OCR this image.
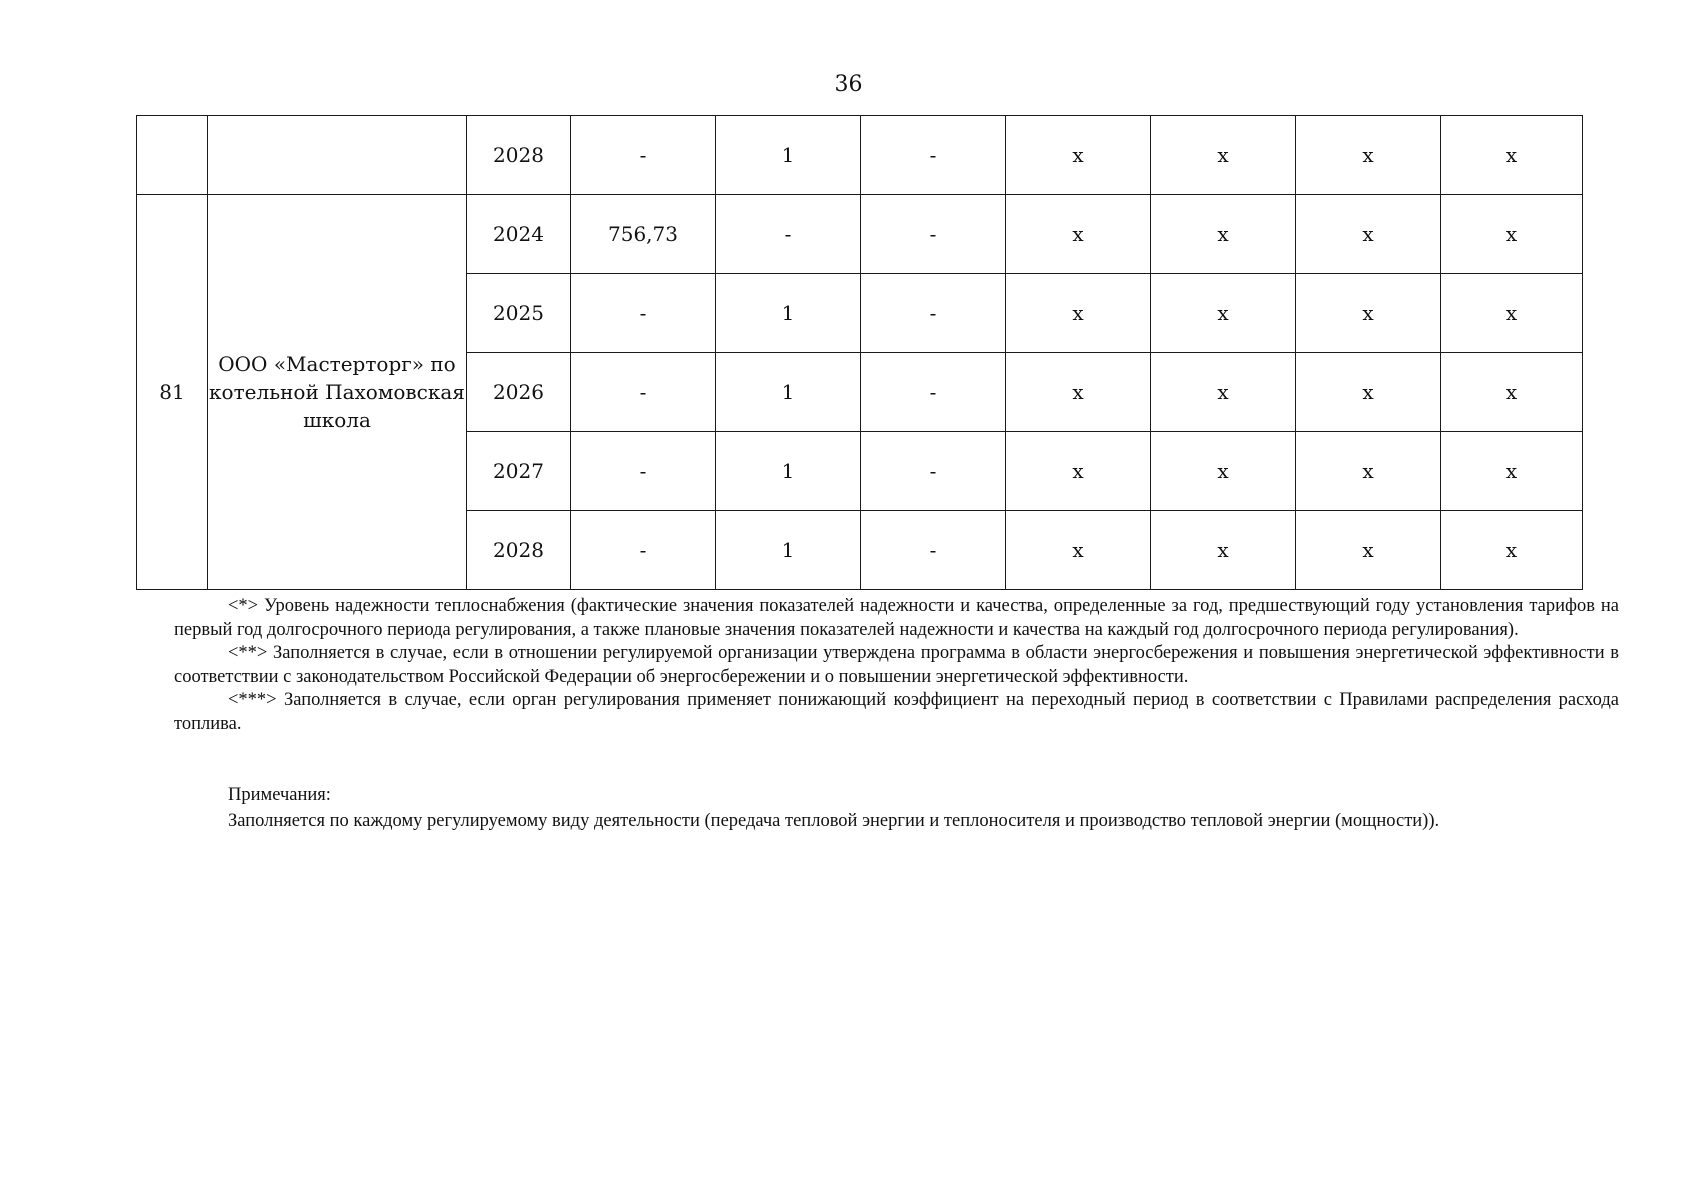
36
		2028	-	1	-	x	x	x	x
81	ООО «Мастерторг» по котельной Пахомовская школа	2024	756,73	-	-	x	x	x	x
		2025	-	1	-	x	x	x	x
		2026	-	1	-	x	x	x	x
		2027	-	1	-	x	x	x	x
		2028	-	1	-	x	x	x	x

<*> Уровень надежности теплоснабжения (фактические значения показателей надежности и качества, определенные за год, предшествующий году установления тарифов на первый год долгосрочного периода регулирования, а также плановые значения показателей надежности и качества на каждый год долгосрочного периода регулирования).

<**> Заполняется в случае, если в отношении регулируемой организации утверждена программа в области энергосбережения и повышения энергетической эффективности в соответствии с законодательством Российской Федерации об энергосбережении и о повышении энергетической эффективности.

<***> Заполняется в случае, если орган регулирования применяет понижающий коэффициент на переходный период в соответствии с Правилами распределения расхода топлива.

Примечания:

Заполняется по каждому регулируемому виду деятельности (передача тепловой энергии и теплоносителя и производство тепловой энергии (мощности)).
